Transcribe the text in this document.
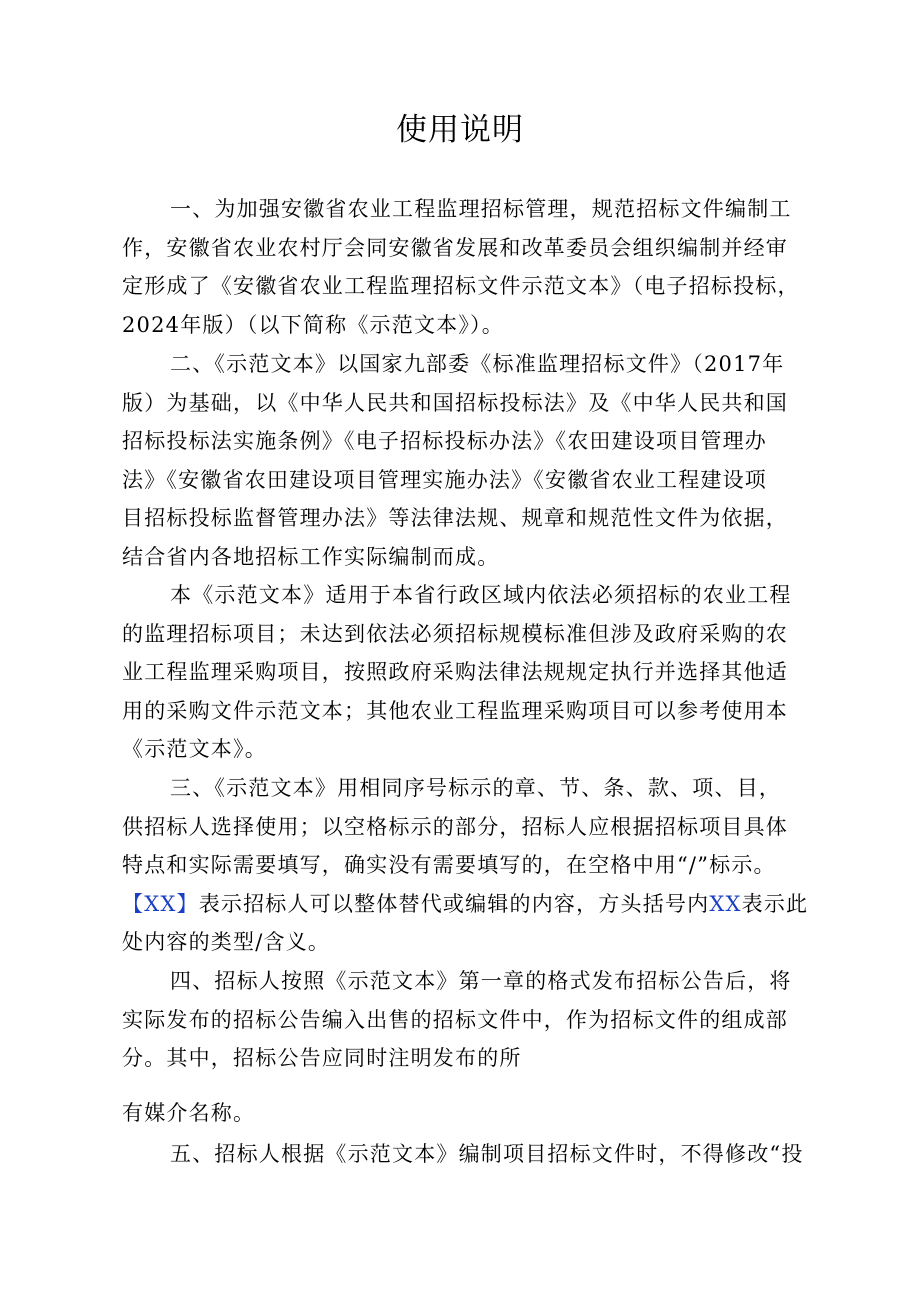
使用说明
一、为加强安徽省农业工程监理招标管理，规范招标文件编制工
作，安徽省农业农村厅会同安徽省发展和改革委员会组织编制并经审
定形成了《安徽省农业工程监理招标文件示范文本》（电子招标投标，
2024年版）（以下简称《示范文本》）。
二、《示范文本》以国家九部委《标准监理招标文件》（2017年
版）为基础，以《中华人民共和国招标投标法》及《中华人民共和国
招标投标法实施条例》《电子招标投标办法》《农田建设项目管理办
法》《安徽省农田建设项目管理实施办法》《安徽省农业工程建设项
目招标投标监督管理办法》等法律法规、规章和规范性文件为依据，
结合省内各地招标工作实际编制而成。
本《示范文本》适用于本省行政区域内依法必须招标的农业工程
的监理招标项目；未达到依法必须招标规模标准但涉及政府采购的农
业工程监理采购项目，按照政府采购法律法规规定执行并选择其他适
用的采购文件示范文本；其他农业工程监理采购项目可以参考使用本
《示范文本》。
三、《示范文本》用相同序号标示的章、节、条、款、项、目，
供招标人选择使用；以空格标示的部分，招标人应根据招标项目具体
特点和实际需要填写，确实没有需要填写的，在空格中用“/”标示。
【XX】表示招标人可以整体替代或编辑的内容，方头括号内XX表示此
处内容的类型/含义。
四、招标人按照《示范文本》第一章的格式发布招标公告后，将
实际发布的招标公告编入出售的招标文件中，作为招标文件的组成部
分。其中，招标公告应同时注明发布的所
有媒介名称。
五、招标人根据《示范文本》编制项目招标文件时，不得修改“投
